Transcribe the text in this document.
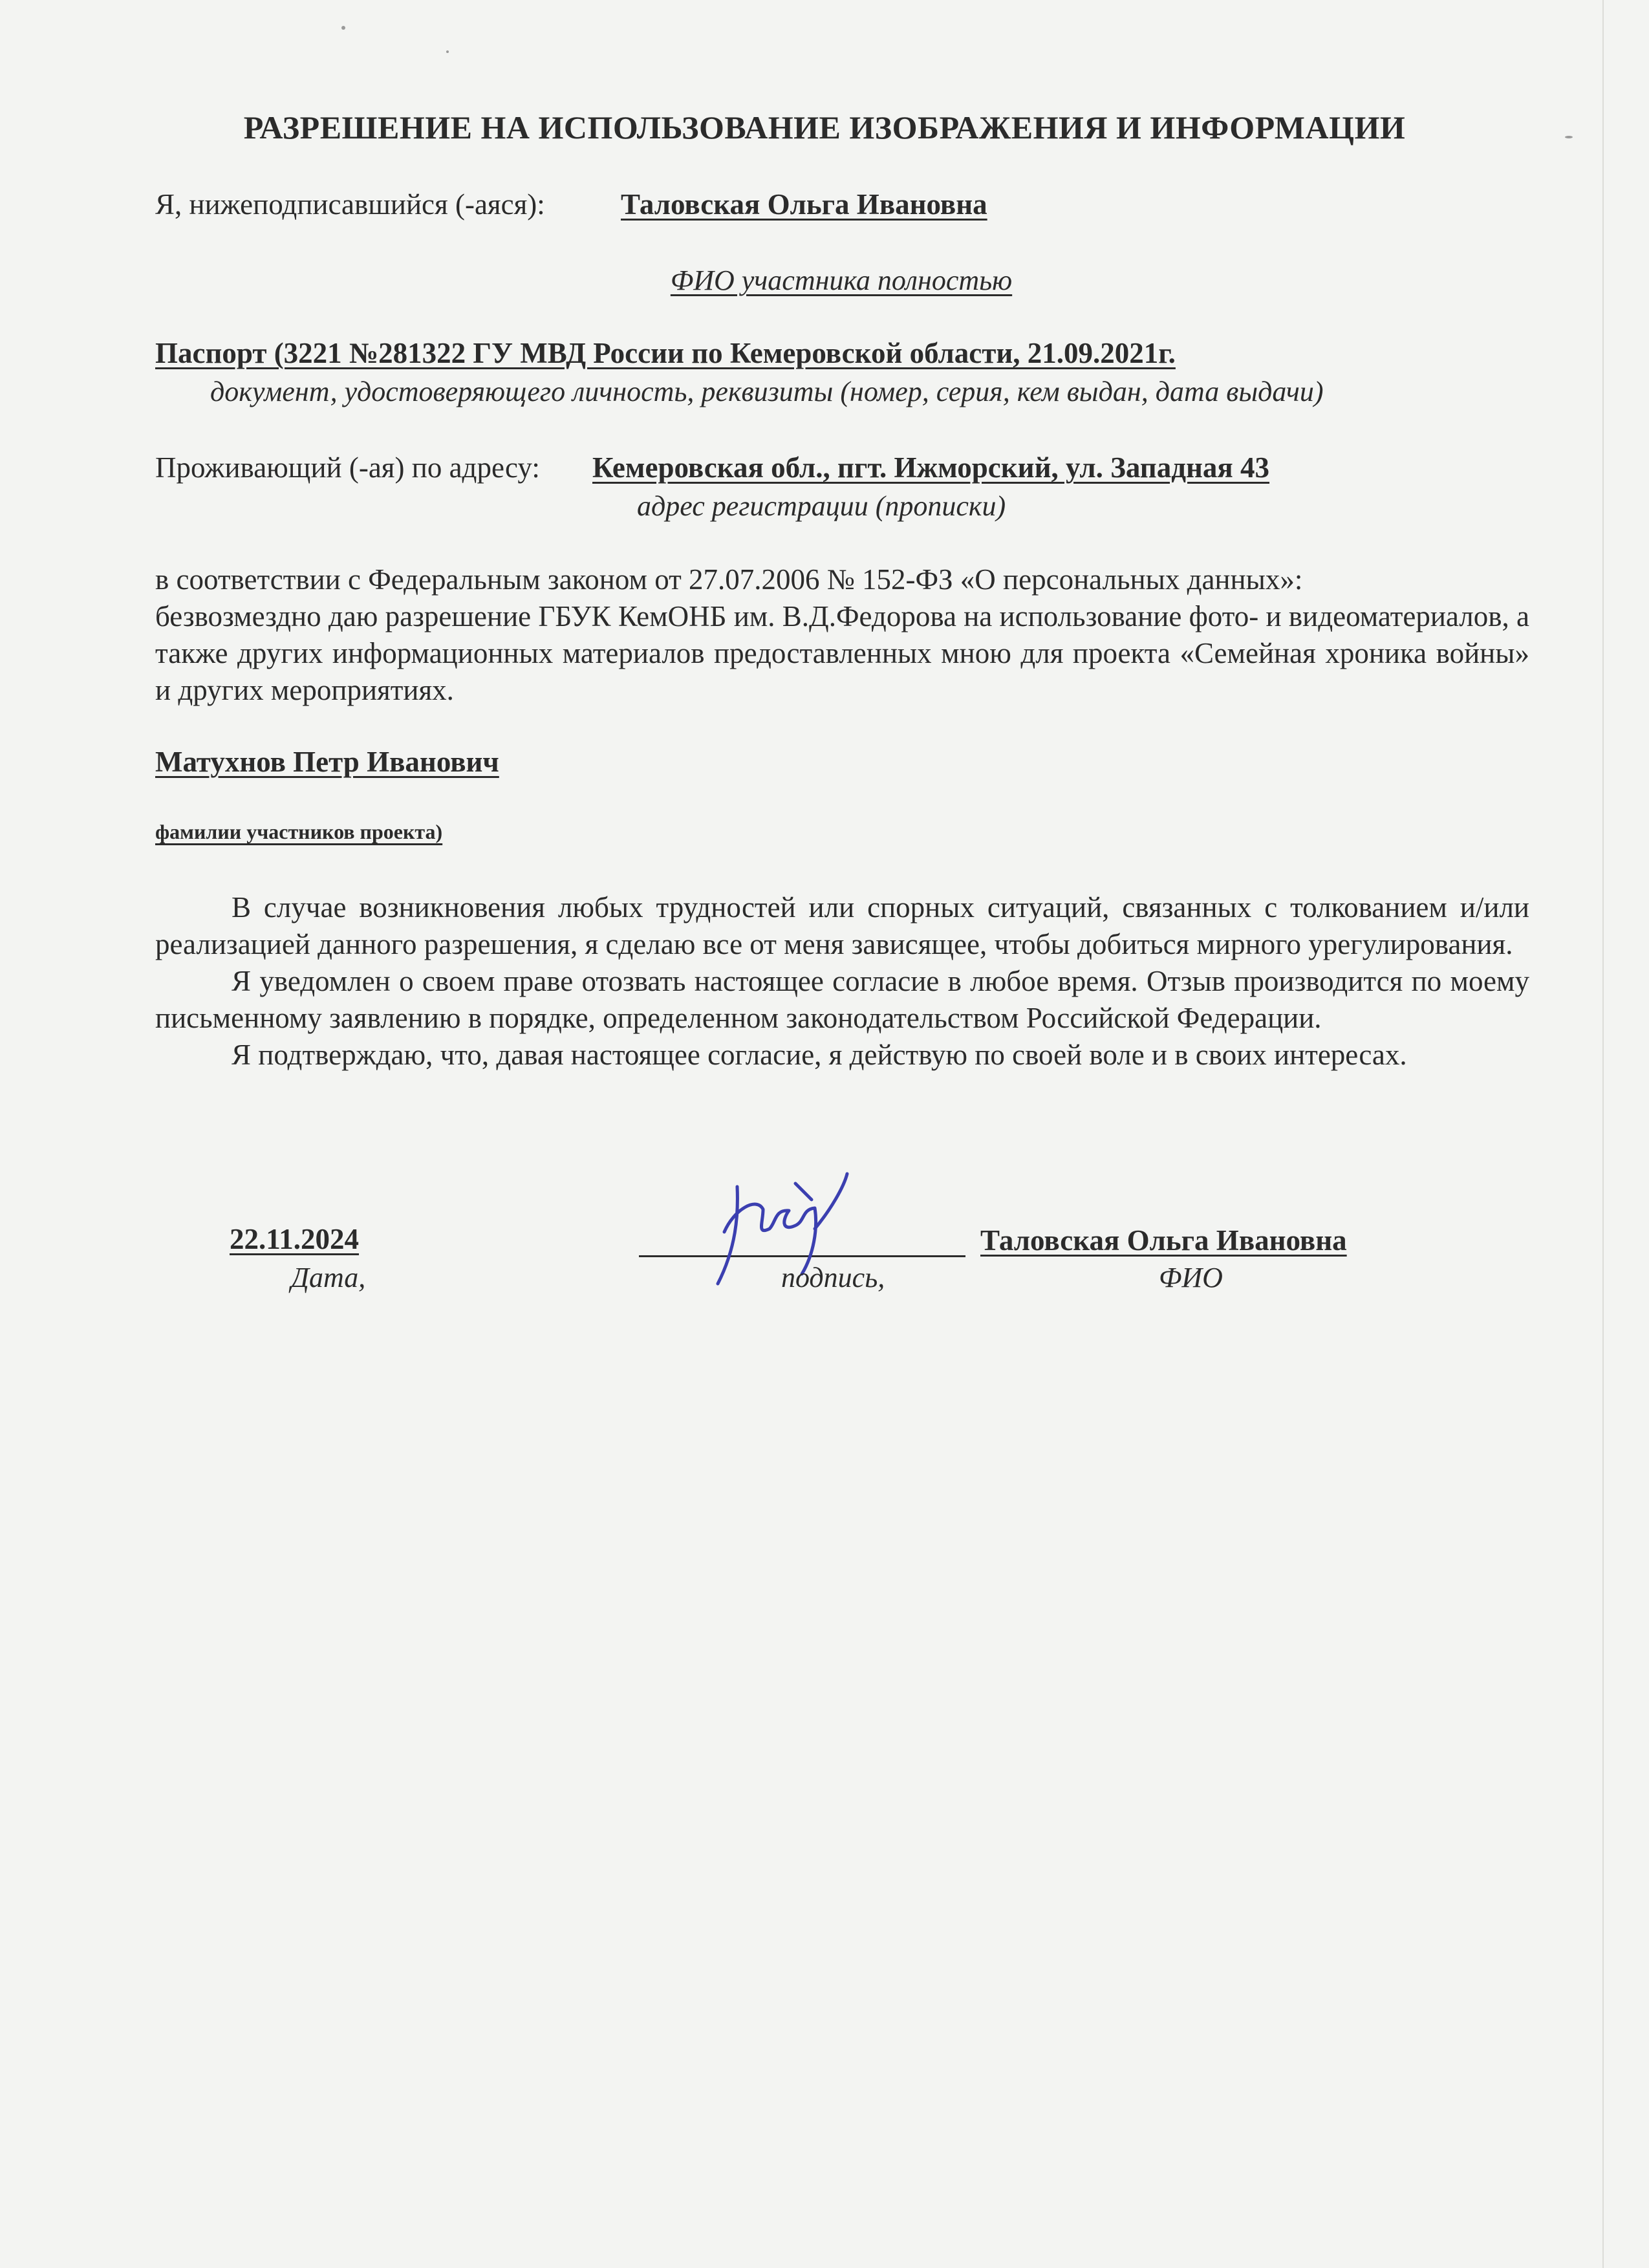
РАЗРЕШЕНИЕ НА ИСПОЛЬЗОВАНИЕ ИЗОБРАЖЕНИЯ И ИНФОРМАЦИИ
Я, нижеподписавшийся (-аяся):	Таловская Ольга Ивановна
ФИО участника полностью
Паспорт (3221 №281322 ГУ МВД России по Кемеровской области, 21.09.2021г.
документ, удостоверяющего личность, реквизиты (номер, серия, кем выдан, дата выдачи)
Проживающий (-ая) по адресу: Кемеровская обл., пгт. Ижморский, ул. Западная 43
адрес регистрации (прописки)
в соответствии с Федеральным законом от 27.07.2006 № 152-ФЗ «О персональных данных»:
безвозмездно даю разрешение ГБУК КемОНБ им. В.Д.Федорова на использование фото- и видеоматериалов, а также других информационных материалов предоставленных мною для проекта «Семейная хроника войны» и других мероприятиях.
Матухнов Петр Иванович
фамилии участников проекта)

В случае возникновения любых трудностей или спорных ситуаций, связанных с толкованием и/или реализацией данного разрешения, я сделаю все от меня зависящее, чтобы добиться мирного урегулирования.

Я уведомлен о своем праве отозвать настоящее согласие в любое время. Отзыв производится по моему письменному заявлению в порядке, определенном законодательством Российской Федерации.

Я подтверждаю, что, давая настоящее согласие, я действую по своей воле и в своих интересах.

22.11.2024
Дата,	подпись,
Таловская Ольга Ивановна
ФИО
